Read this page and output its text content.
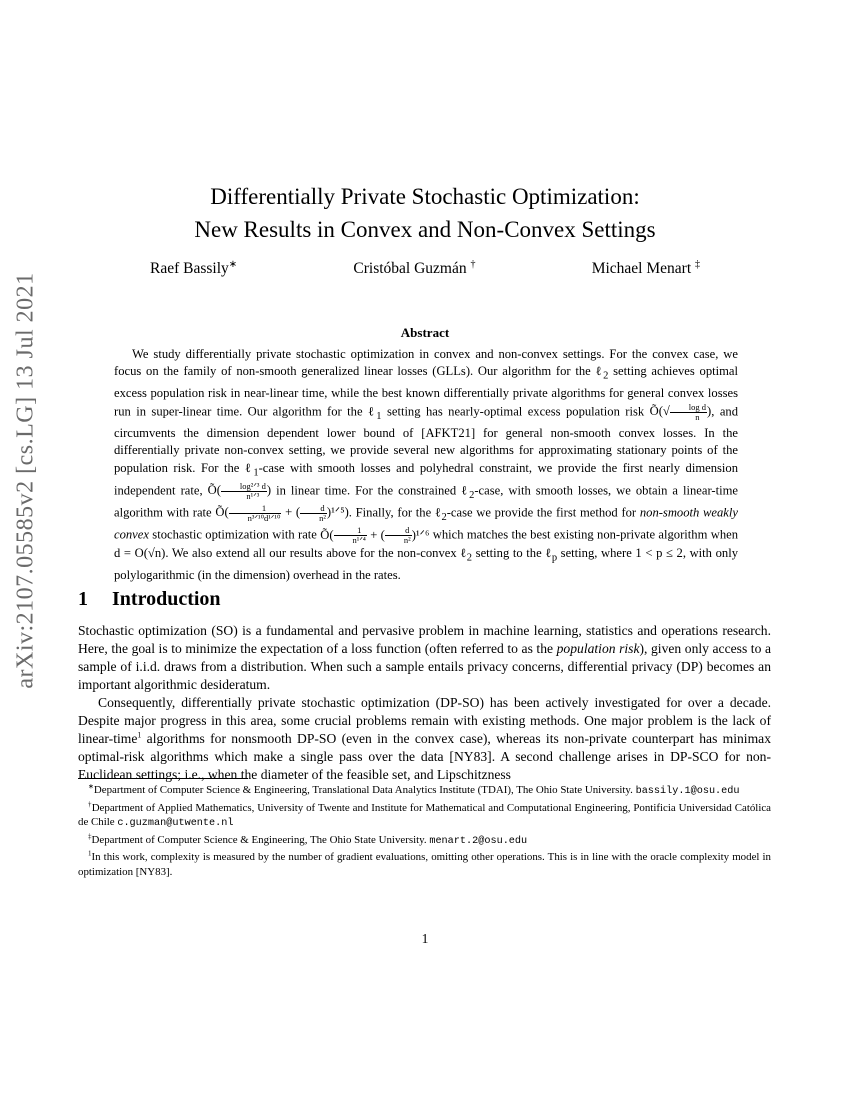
arXiv:2107.05585v2 [cs.LG] 13 Jul 2021
Differentially Private Stochastic Optimization:
New Results in Convex and Non-Convex Settings
Raef Bassily∗	Cristóbal Guzmán †	Michael Menart ‡
Abstract

We study differentially private stochastic optimization in convex and non-convex settings. For the convex case, we focus on the family of non-smooth generalized linear losses (GLLs). Our algorithm for the ℓ$_2$ setting achieves optimal excess population risk in near-linear time, while the best known differentially private algorithms for general convex losses run in super-linear time. Our algorithm for the ℓ$_1$ setting has nearly-optimal excess population risk Õ(√ $\frac{\text{log d}}{n}$ ), and circumvents the dimension dependent lower bound of [AFKT21] for general non-smooth convex losses. In the differentially private non-convex setting, we provide several new algorithms for approximating stationary points of the population risk. For the ℓ$_1$-case with smooth losses and polyhedral constraint, we provide the first nearly dimension independent rate, Õ( $\frac{\text{log²ᐟ³ d}}{\text{n¹ᐟ³}}$ ) in linear time. For the constrained ℓ$_2$-case, with smooth losses, we obtain a linear-time algorithm with rate Õ( $\frac{1}{\text{n³ᐟ¹⁰d¹ᐟ¹⁰}}$ + ( $\frac{d}{\text{n²}}$ )¹ᐟ⁵). Finally, for the ℓ$_2$-case we provide the first method for non-smooth weakly convex stochastic optimization with rate Õ( $\frac{1}{\text{n¹ᐟ⁴}}$ + ( $\frac{d}{\text{n²}}$ )¹ᐟ⁶ which matches the best existing non-private algorithm when d = O(√n). We also extend all our results above for the non-convex ℓ$_2$ setting to the ℓ$_p$ setting, where 1 < p ≤ 2, with only polylogarithmic (in the dimension) overhead in the rates.

1 Introduction

Stochastic optimization (SO) is a fundamental and pervasive problem in machine learning, statistics and operations research. Here, the goal is to minimize the expectation of a loss function (often referred to as the population risk), given only access to a sample of i.i.d. draws from a distribution. When such a sample entails privacy concerns, differential privacy (DP) becomes an important algorithmic desideratum.

Consequently, differentially private stochastic optimization (DP-SO) has been actively investigated for over a decade. Despite major progress in this area, some crucial problems remain with existing methods. One major problem is the lack of linear-time$^1$ algorithms for nonsmooth DP-SO (even in the convex case), whereas its non-private counterpart has minimax optimal-risk algorithms which make a single pass over the data [NY83]. A second challenge arises in DP-SCO for non-Euclidean settings; i.e., when the diameter of the feasible set, and Lipschitzness

∗Department of Computer Science & Engineering, Translational Data Analytics Institute (TDAI), The Ohio State University. bassily.1@osu.edu

†Department of Applied Mathematics, University of Twente and Institute for Mathematical and Computational Engineering, Pontificia Universidad Católica de Chile c.guzman@utwente.nl

‡Department of Computer Science & Engineering, The Ohio State University. menart.2@osu.edu

$^1$In this work, complexity is measured by the number of gradient evaluations, omitting other operations. This is in line with the oracle complexity model in optimization [NY83].

1
